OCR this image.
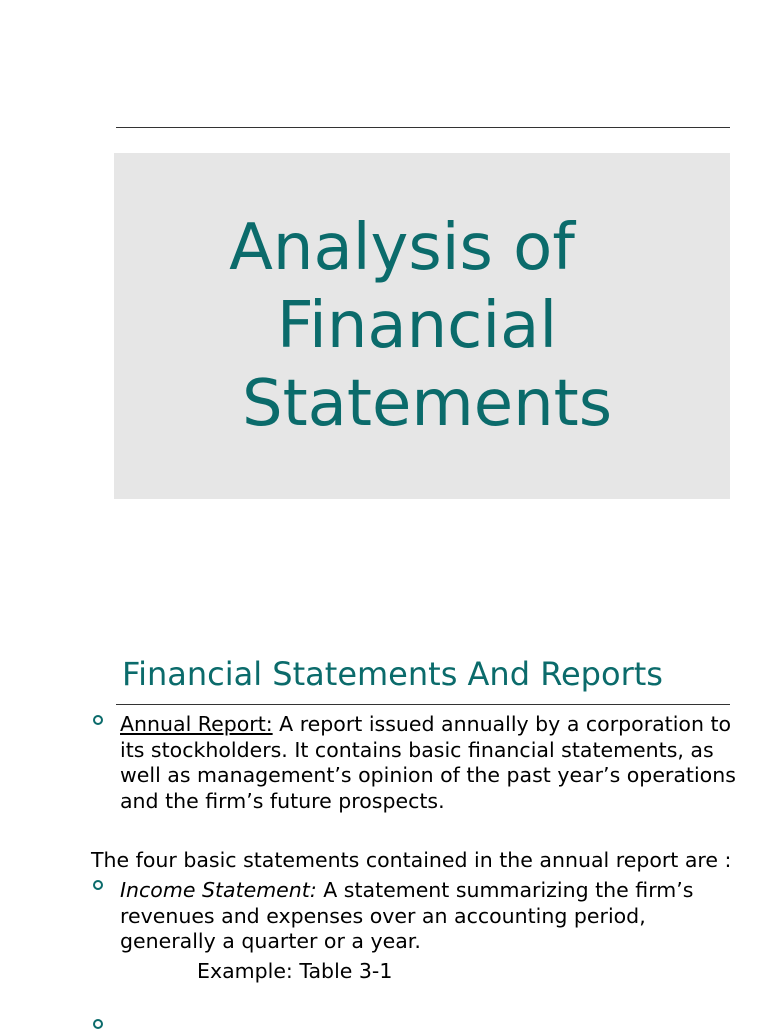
Analysis of
Financial
Statements
Financial Statements And Reports
Annual Report: A report issued annually by a corporation to
its stockholders. It contains basic financial statements, as
well as management’s opinion of the past year’s operations
and the firm’s future prospects.
The four basic statements contained in the annual report are :
Income Statement: A statement summarizing the firm’s
revenues and expenses over an accounting period,
generally a quarter or a year.
Example: Table 3-1
